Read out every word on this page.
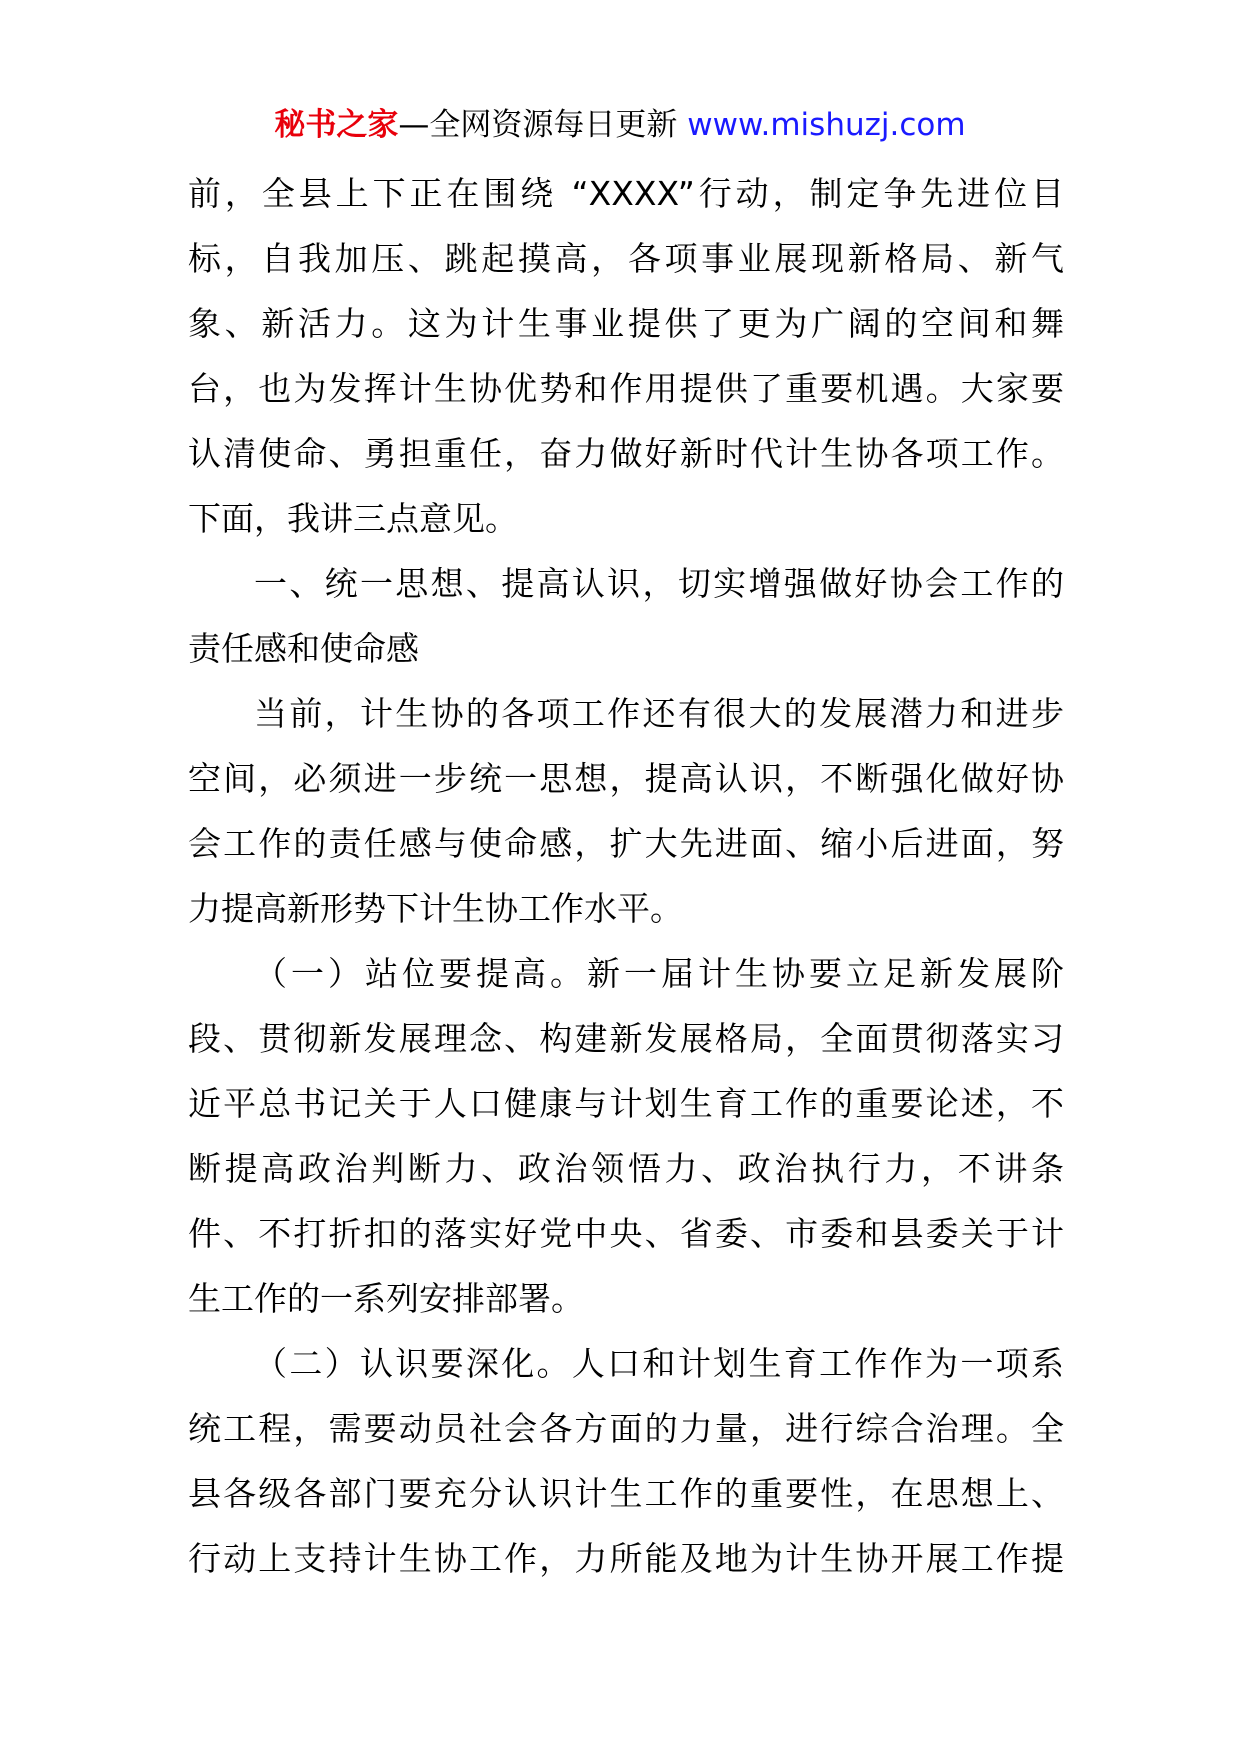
秘书之家—全网资源每日更新 www.mishuzj.com
前，全县上下正在围绕 “XXXX”行动，制定争先进位目
标，自我加压、跳起摸高，各项事业展现新格局、新气
象、新活力。这为计生事业提供了更为广阔的空间和舞
台，也为发挥计生协优势和作用提供了重要机遇。大家要
认清使命、勇担重任，奋力做好新时代计生协各项工作。
下面，我讲三点意见。
一、统一思想、提高认识，切实增强做好协会工作的
责任感和使命感
当前，计生协的各项工作还有很大的发展潜力和进步
空间，必须进一步统一思想，提高认识，不断强化做好协
会工作的责任感与使命感，扩大先进面、缩小后进面，努
力提高新形势下计生协工作水平。
（一）站位要提高。新一届计生协要立足新发展阶
段、贯彻新发展理念、构建新发展格局，全面贯彻落实习
近平总书记关于人口健康与计划生育工作的重要论述，不
断提高政治判断力、政治领悟力、政治执行力，不讲条
件、不打折扣的落实好党中央、省委、市委和县委关于计
生工作的一系列安排部署。
（二）认识要深化。人口和计划生育工作作为一项系
统工程，需要动员社会各方面的力量，进行综合治理。全
县各级各部门要充分认识计生工作的重要性，在思想上、
行动上支持计生协工作，力所能及地为计生协开展工作提
